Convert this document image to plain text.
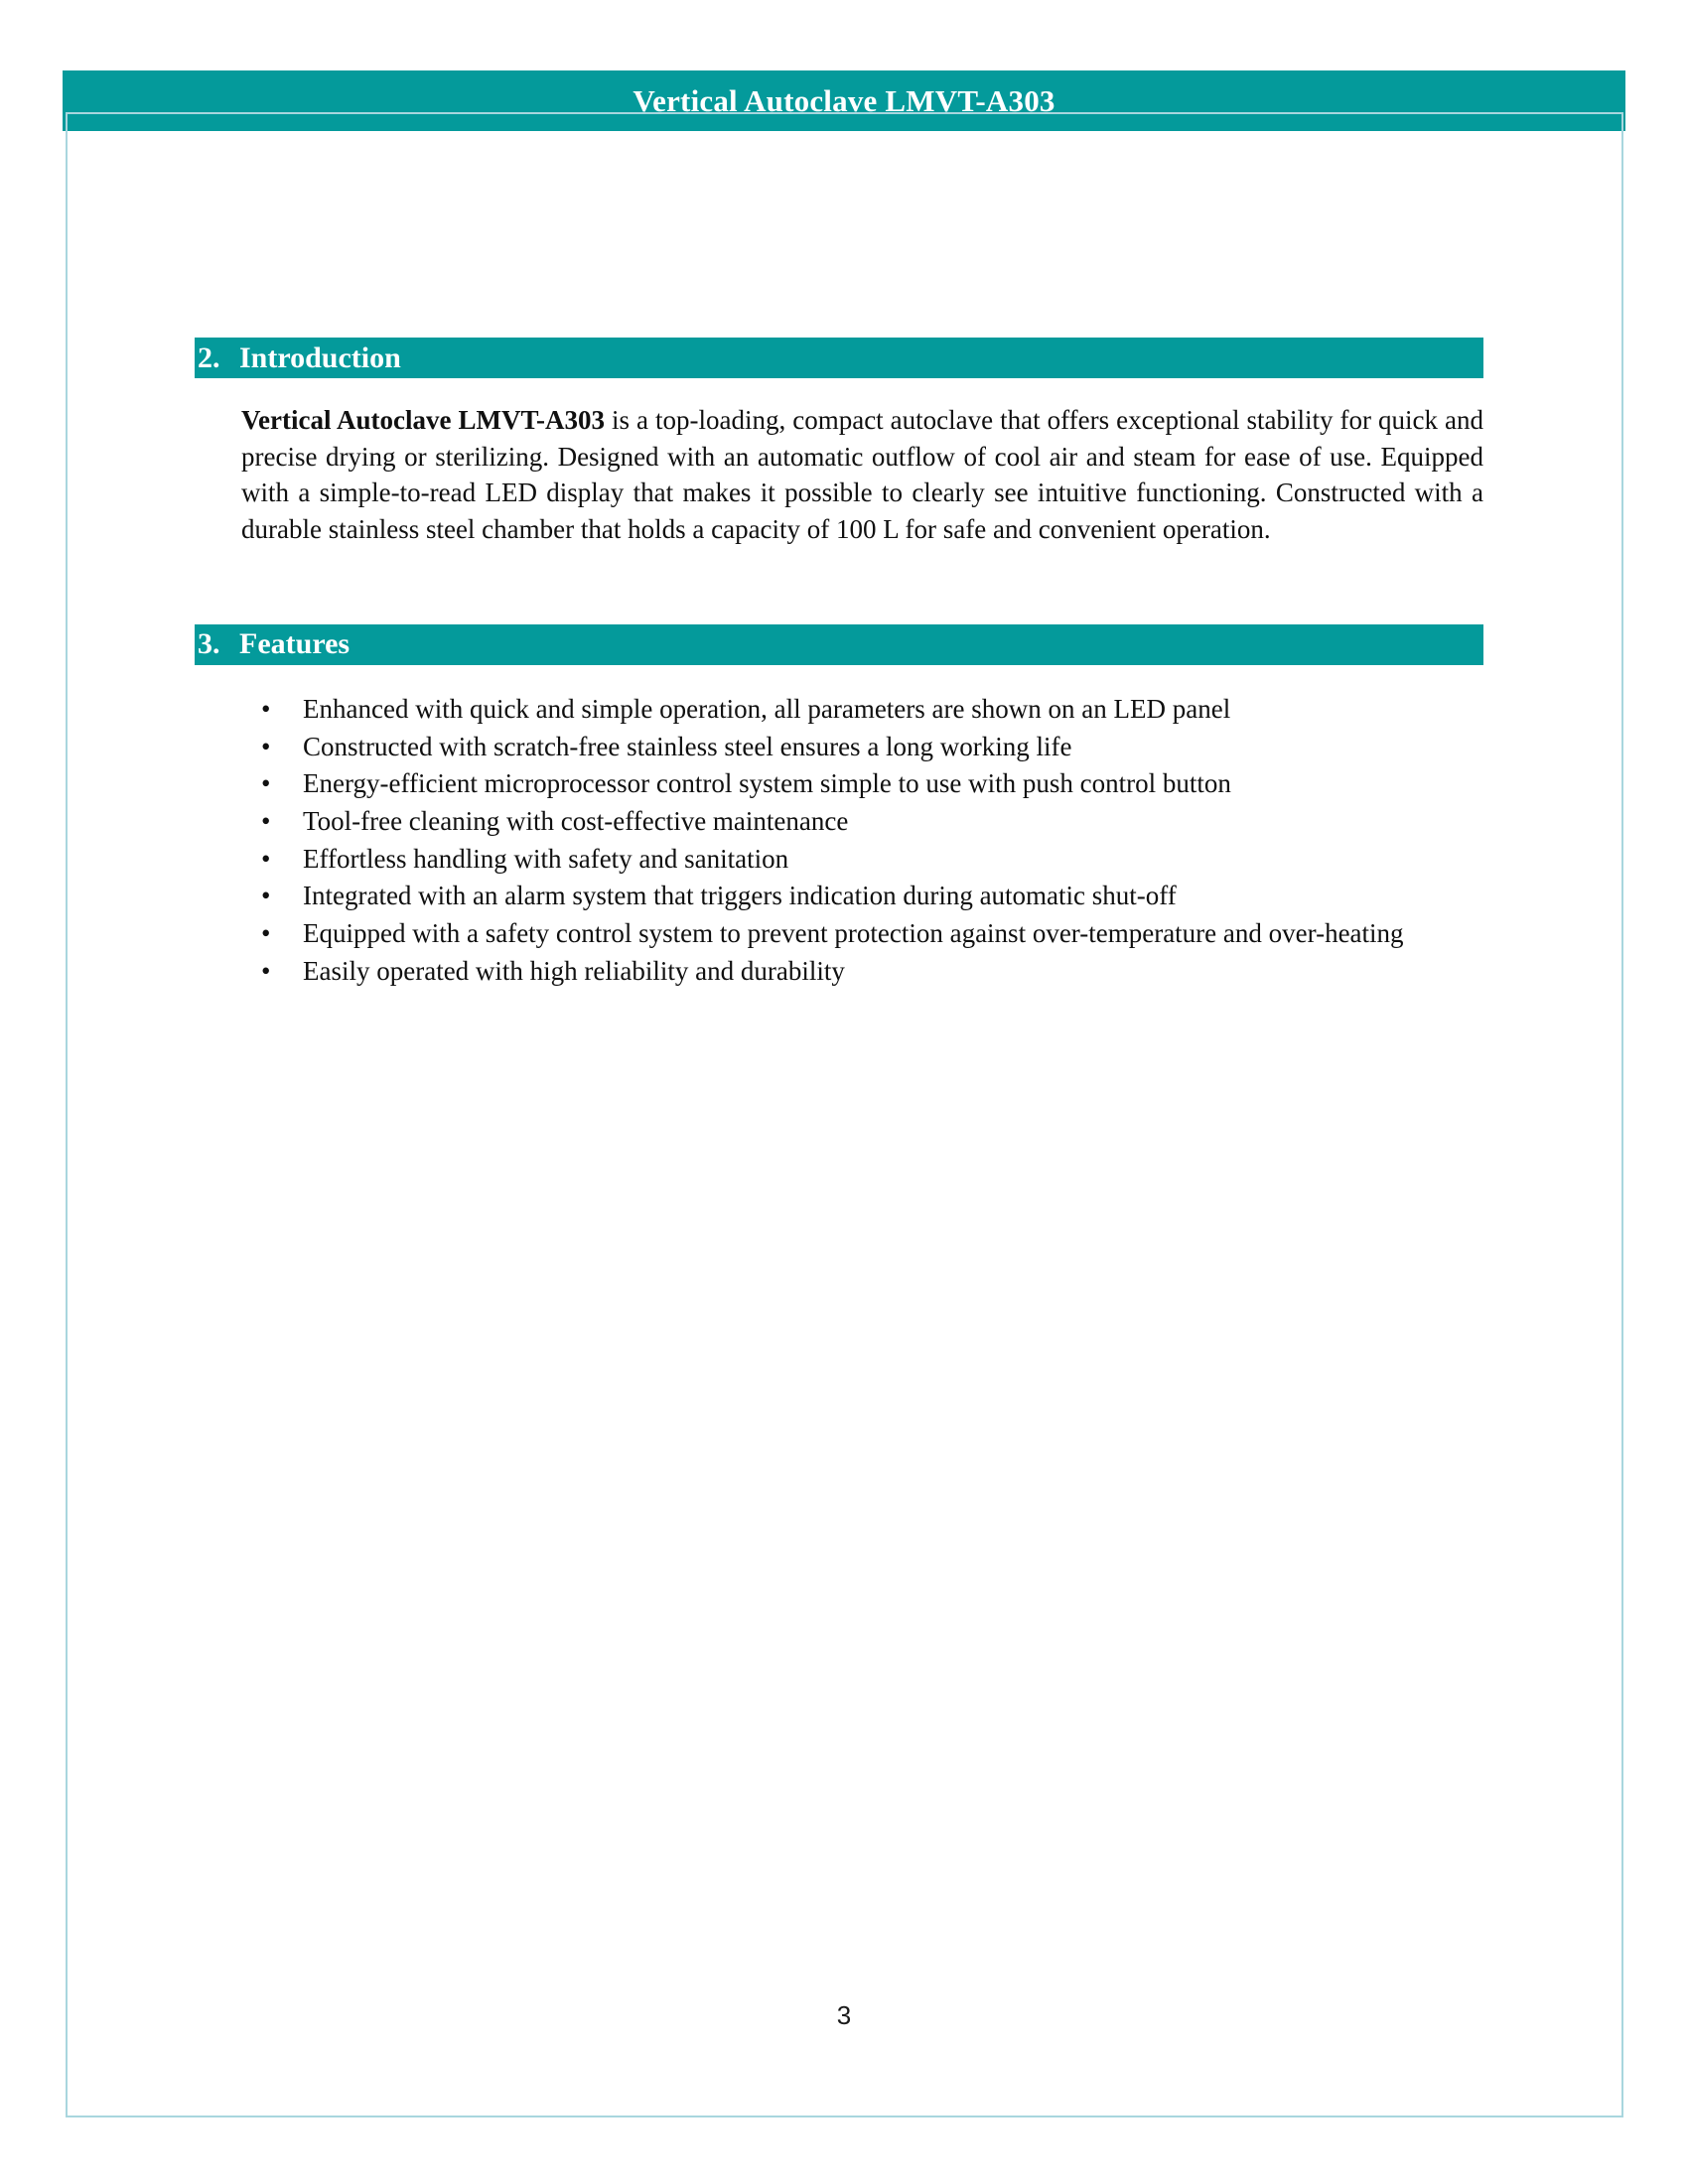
Vertical Autoclave LMVT-A303
2. Introduction

Vertical Autoclave LMVT-A303 is a top-loading, compact autoclave that offers exceptional stability for quick and precise drying or sterilizing. Designed with an automatic outflow of cool air and steam for ease of use. Equipped with a simple-to-read LED display that makes it possible to clearly see intuitive functioning. Constructed with a durable stainless steel chamber that holds a capacity of 100 L for safe and convenient operation.

3. Features
• Enhanced with quick and simple operation, all parameters are shown on an LED panel
• Constructed with scratch-free stainless steel ensures a long working life
• Energy-efficient microprocessor control system simple to use with push control button
• Tool-free cleaning with cost-effective maintenance
• Effortless handling with safety and sanitation
• Integrated with an alarm system that triggers indication during automatic shut-off
• Equipped with a safety control system to prevent protection against over-temperature and over-heating
• Easily operated with high reliability and durability
3
